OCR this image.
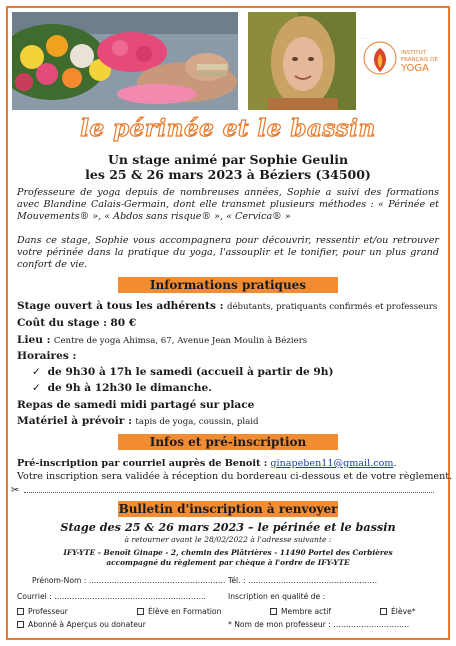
· · ·
INSTITUT
FRANÇAIS DE
YOGA
le périnée et le bassin
Un stage animé par Sophie Geulin
les 25 & 26 mars 2023 à Béziers (34500)
Professeure de yoga depuis de nombreuses années, Sophie a suivi des formations avec Blandine Calais-Germain, dont elle transmet plusieurs méthodes : « Périnée et Mouvements® », « Abdos sans risque® », « Cervica® »
Dans ce stage, Sophie vous accompagnera pour découvrir, ressentir et/ou retrouver votre périnée dans la pratique du yoga, l'assouplir et le tonifier, pour un plus grand confort de vie.
Informations pratiques
Stage ouvert à tous les adhérents : débutants, pratiquants confirmés et professeurs
Coût du stage : 80 €
Lieu : Centre de yoga Ahimsa, 67, Avenue Jean Moulin à Béziers
Horaires :
✓ de 9h30 à 17h le samedi (accueil à partir de 9h)
✓ de 9h à 12h30 le dimanche.
Repas de samedi midi partagé sur place
Matériel à prévoir : tapis de yoga, coussin, plaid
Infos et pré-inscription
Pré-inscription par courriel auprès de Benoit : ginapeben11@gmail.com.
Votre inscription sera validée à réception du bordereau ci-dessous et de votre règlement.
✂
Bulletin d'inscription à renvoyer
Stage des 25 & 26 mars 2023 – le périnée et le bassin
à retourner avant le 28/02/2022 à l'adresse suivante :
IFY-YTE - Benoît Ginape - 2, chemin des Plâtrières - 11490 Portel des Corbières
accompagné du règlement par chèque à l'ordre de IFY-YTE
Prénom-Nom : ……………………………………………… Tél. : ……………………………………………
Courriel : ……………………………………………………	Inscription en qualité de :
Professeur	Élève en Formation	Membre actif	Élève*
Abonné à Aperçus ou donateur	* Nom de mon professeur : …………………………
